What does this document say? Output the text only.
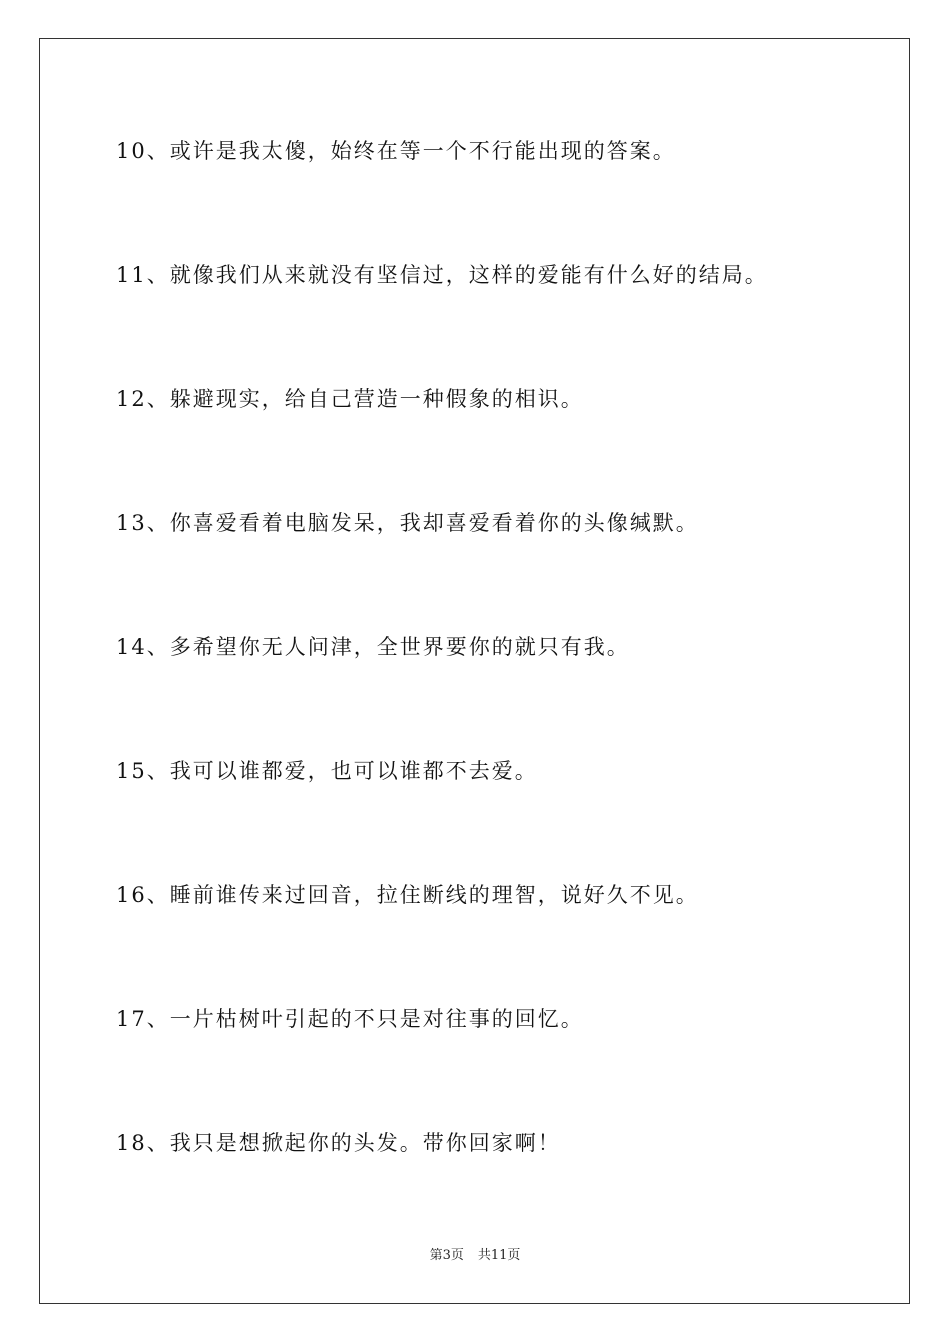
10、或许是我太傻，始终在等一个不行能出现的答案。
11、就像我们从来就没有坚信过，这样的爱能有什么好的结局。
12、躲避现实，给自己营造一种假象的相识。
13、你喜爱看着电脑发呆，我却喜爱看着你的头像缄默。
14、多希望你无人问津，全世界要你的就只有我。
15、我可以谁都爱，也可以谁都不去爱。
16、睡前谁传来过回音，拉住断线的理智，说好久不见。
17、一片枯树叶引起的不只是对往事的回忆。
18、我只是想掀起你的头发。带你回家啊！
第3页 共11页
